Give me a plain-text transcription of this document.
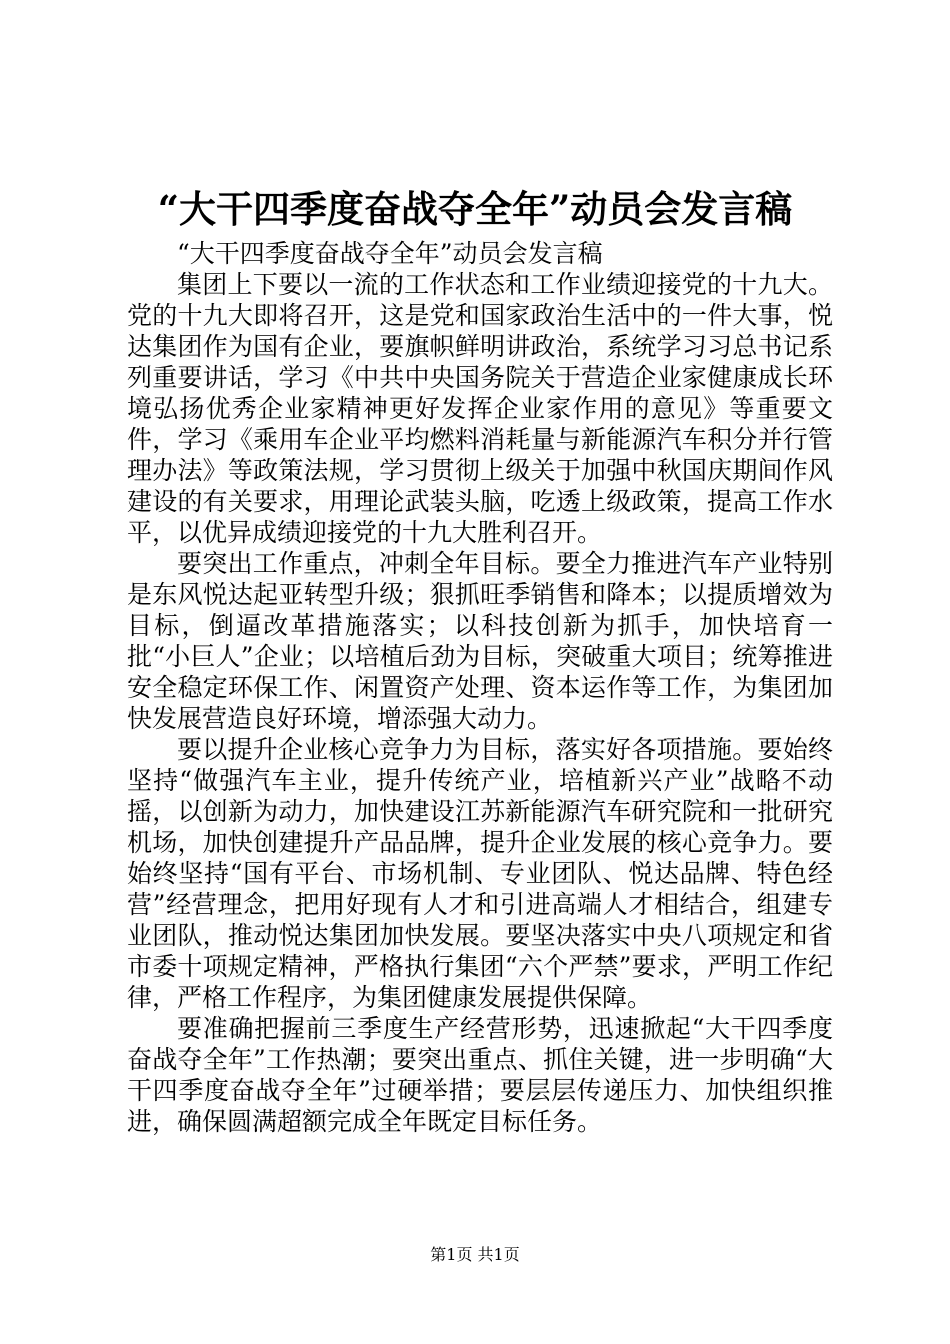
“大干四季度奋战夺全年”动员会发言稿

“大干四季度奋战夺全年”动员会发言稿

集团上下要以一流的工作状态和工作业绩迎接党的十九大。党的十九大即将召开，这是党和国家政治生活中的一件大事，悦达集团作为国有企业，要旗帜鲜明讲政治，系统学习习总书记系列重要讲话，学习《中共中央国务院关于营造企业家健康成长环境弘扬优秀企业家精神更好发挥企业家作用的意见》等重要文件，学习《乘用车企业平均燃料消耗量与新能源汽车积分并行管理办法》等政策法规，学习贯彻上级关于加强中秋国庆期间作风建设的有关要求，用理论武装头脑，吃透上级政策，提高工作水平，以优异成绩迎接党的十九大胜利召开。

要突出工作重点，冲刺全年目标。要全力推进汽车产业特别是东风悦达起亚转型升级；狠抓旺季销售和降本；以提质增效为目标，倒逼改革措施落实；以科技创新为抓手，加快培育一批“小巨人”企业；以培植后劲为目标，突破重大项目；统筹推进安全稳定环保工作、闲置资产处理、资本运作等工作，为集团加快发展营造良好环境，增添强大动力。

要以提升企业核心竞争力为目标，落实好各项措施。要始终坚持“做强汽车主业，提升传统产业，培植新兴产业”战略不动摇，以创新为动力，加快建设江苏新能源汽车研究院和一批研究机场，加快创建提升产品品牌，提升企业发展的核心竞争力。要始终坚持“国有平台、市场机制、专业团队、悦达品牌、特色经营”经营理念，把用好现有人才和引进高端人才相结合，组建专业团队，推动悦达集团加快发展。要坚决落实中央八项规定和省市委十项规定精神，严格执行集团“六个严禁”要求，严明工作纪律，严格工作程序，为集团健康发展提供保障。

要准确把握前三季度生产经营形势，迅速掀起“大干四季度奋战夺全年”工作热潮；要突出重点、抓住关键，进一步明确“大干四季度奋战夺全年”过硬举措；要层层传递压力、加快组织推进，确保圆满超额完成全年既定目标任务。

第1页 共1页
